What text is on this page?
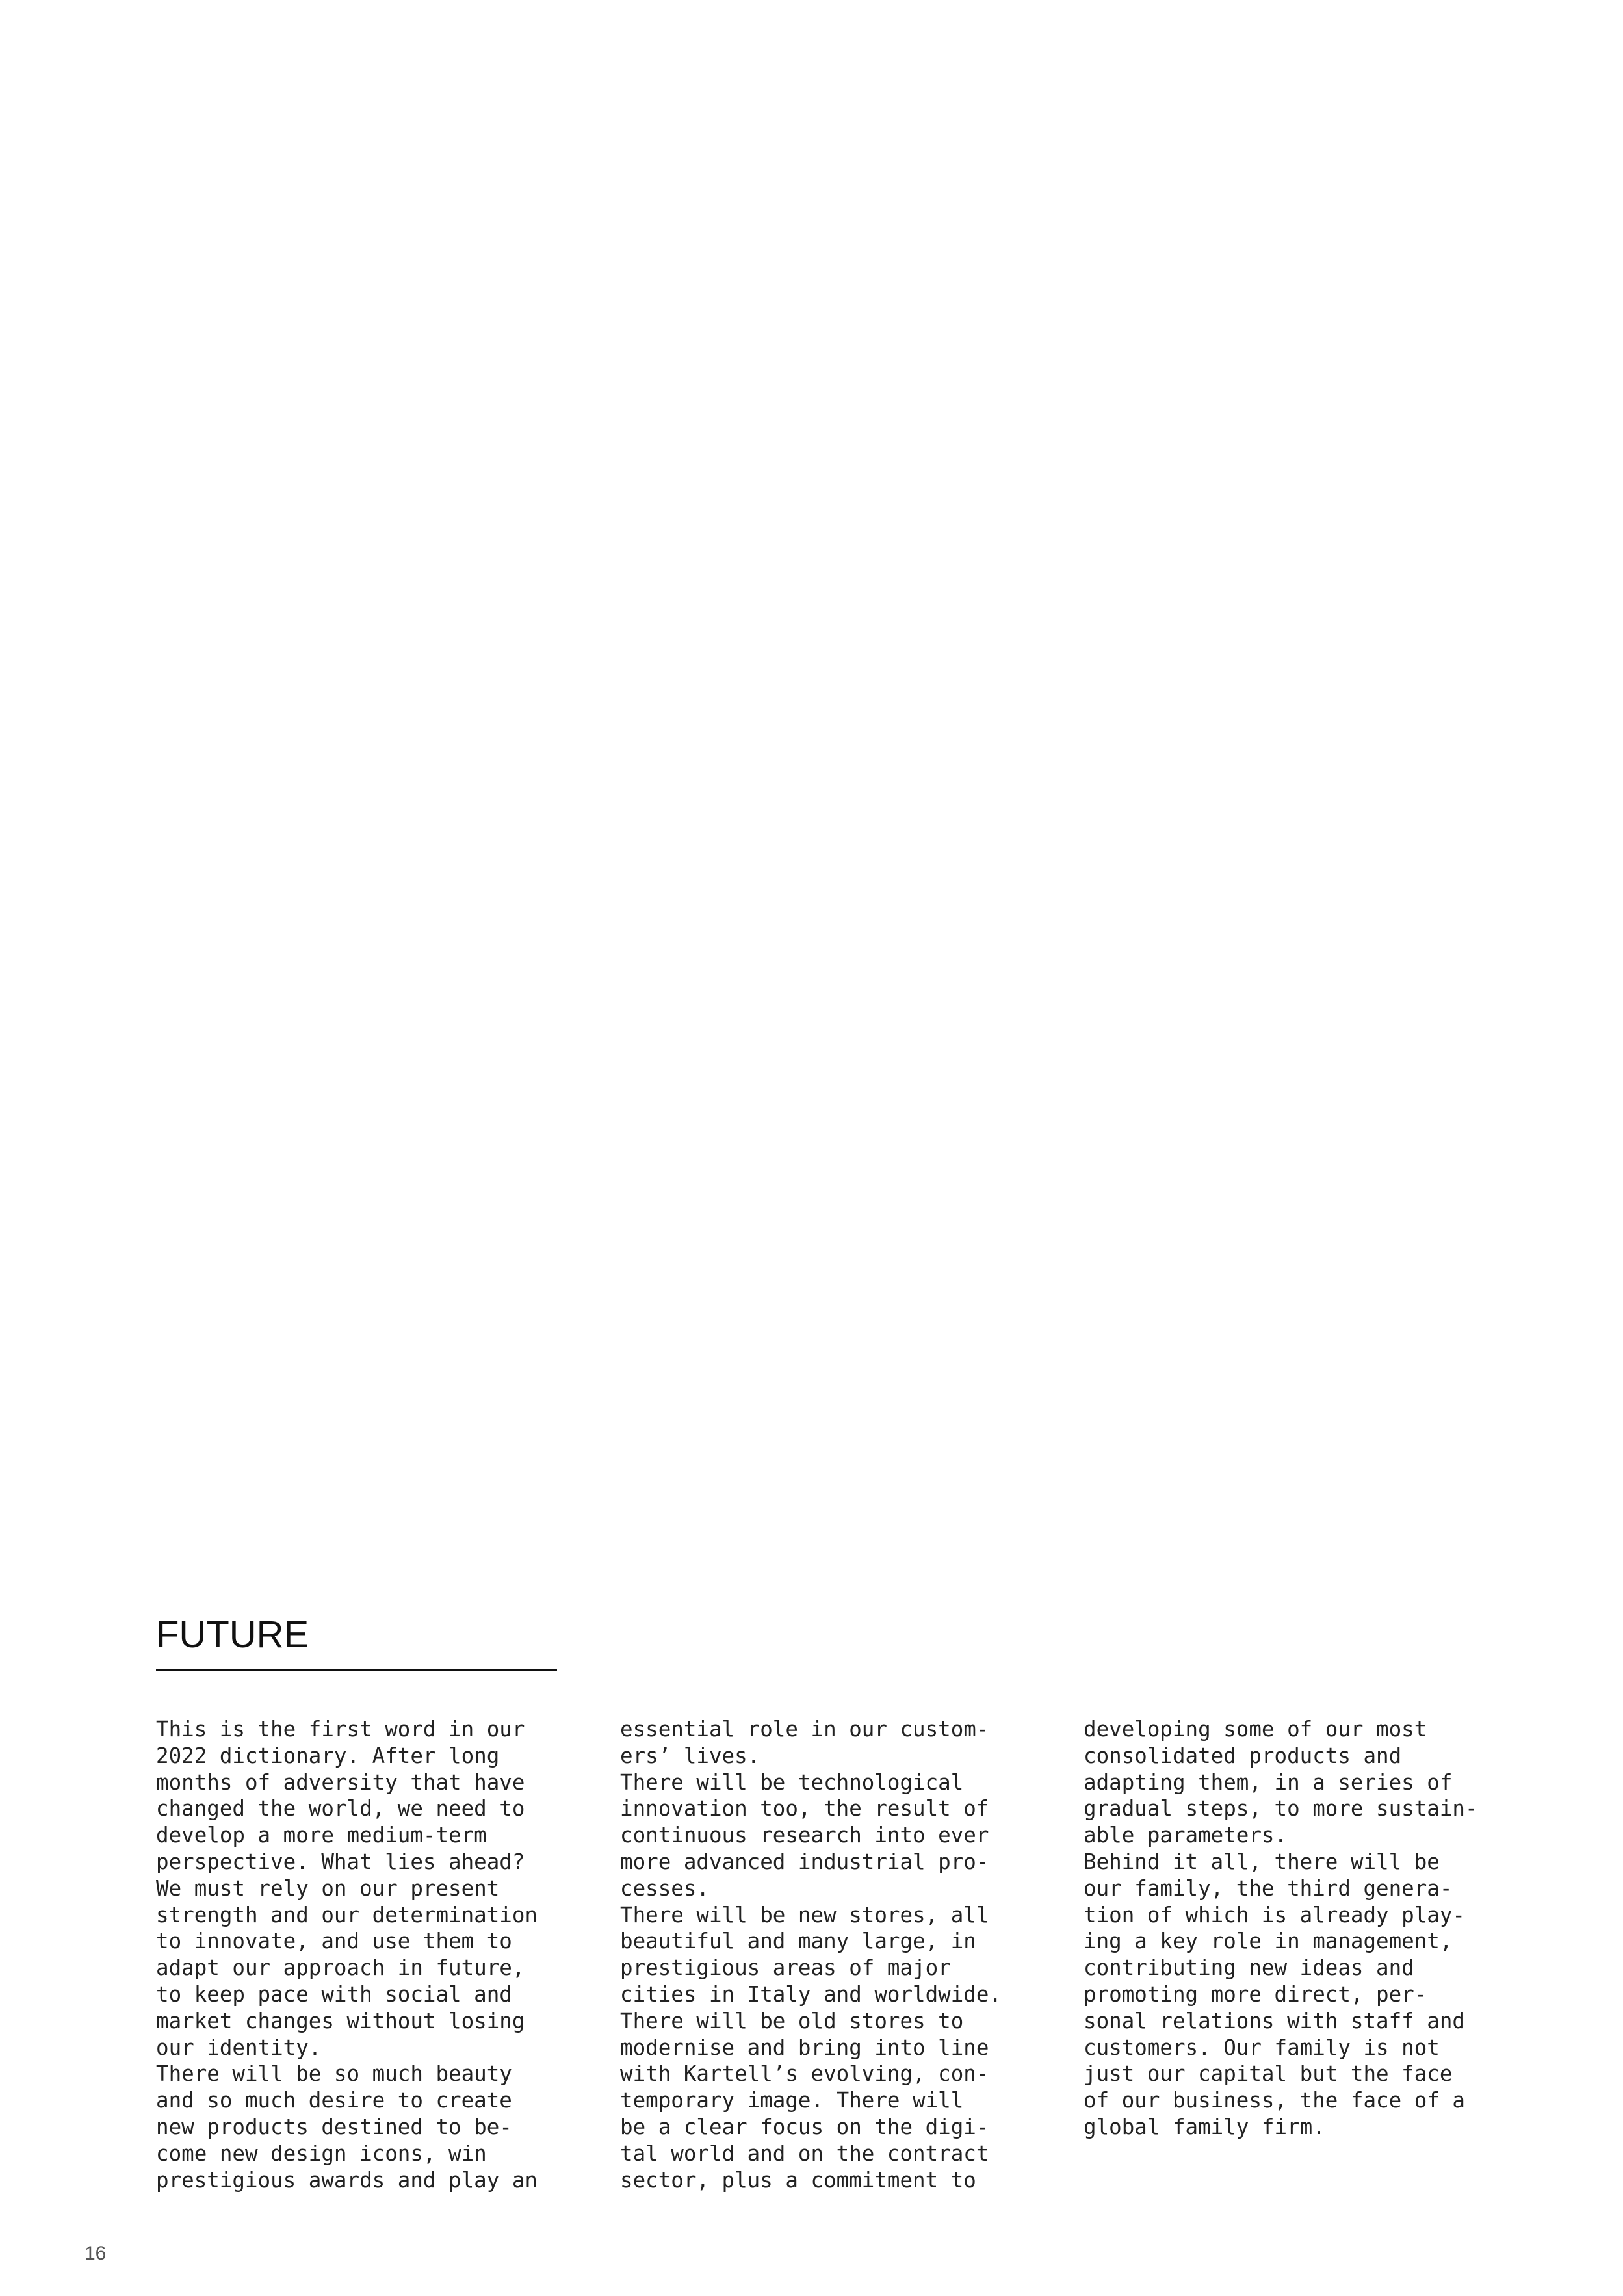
FUTURE

This is the first word in our
2022 dictionary. After long
months of adversity that have
changed the world, we need to
develop a more medium-term
perspective. What lies ahead?
We must rely on our present
strength and our determination
to innovate, and use them to
adapt our approach in future,
to keep pace with social and
market changes without losing
our identity.
There will be so much beauty
and so much desire to create
new products destined to be-
come new design icons, win
prestigious awards and play an

essential role in our custom-
ers’ lives.
There will be technological
innovation too, the result of
continuous research into ever
more advanced industrial pro-
cesses.
There will be new stores, all
beautiful and many large, in
prestigious areas of major
cities in Italy and worldwide.
There will be old stores to
modernise and bring into line
with Kartell’s evolving, con-
temporary image. There will
be a clear focus on the digi-
tal world and on the contract
sector, plus a commitment to

developing some of our most
consolidated products and
adapting them, in a series of
gradual steps, to more sustain-
able parameters.
Behind it all, there will be
our family, the third genera-
tion of which is already play-
ing a key role in management,
contributing new ideas and
promoting more direct, per-
sonal relations with staff and
customers. Our family is not
just our capital but the face
of our business, the face of a
global family firm.

16
